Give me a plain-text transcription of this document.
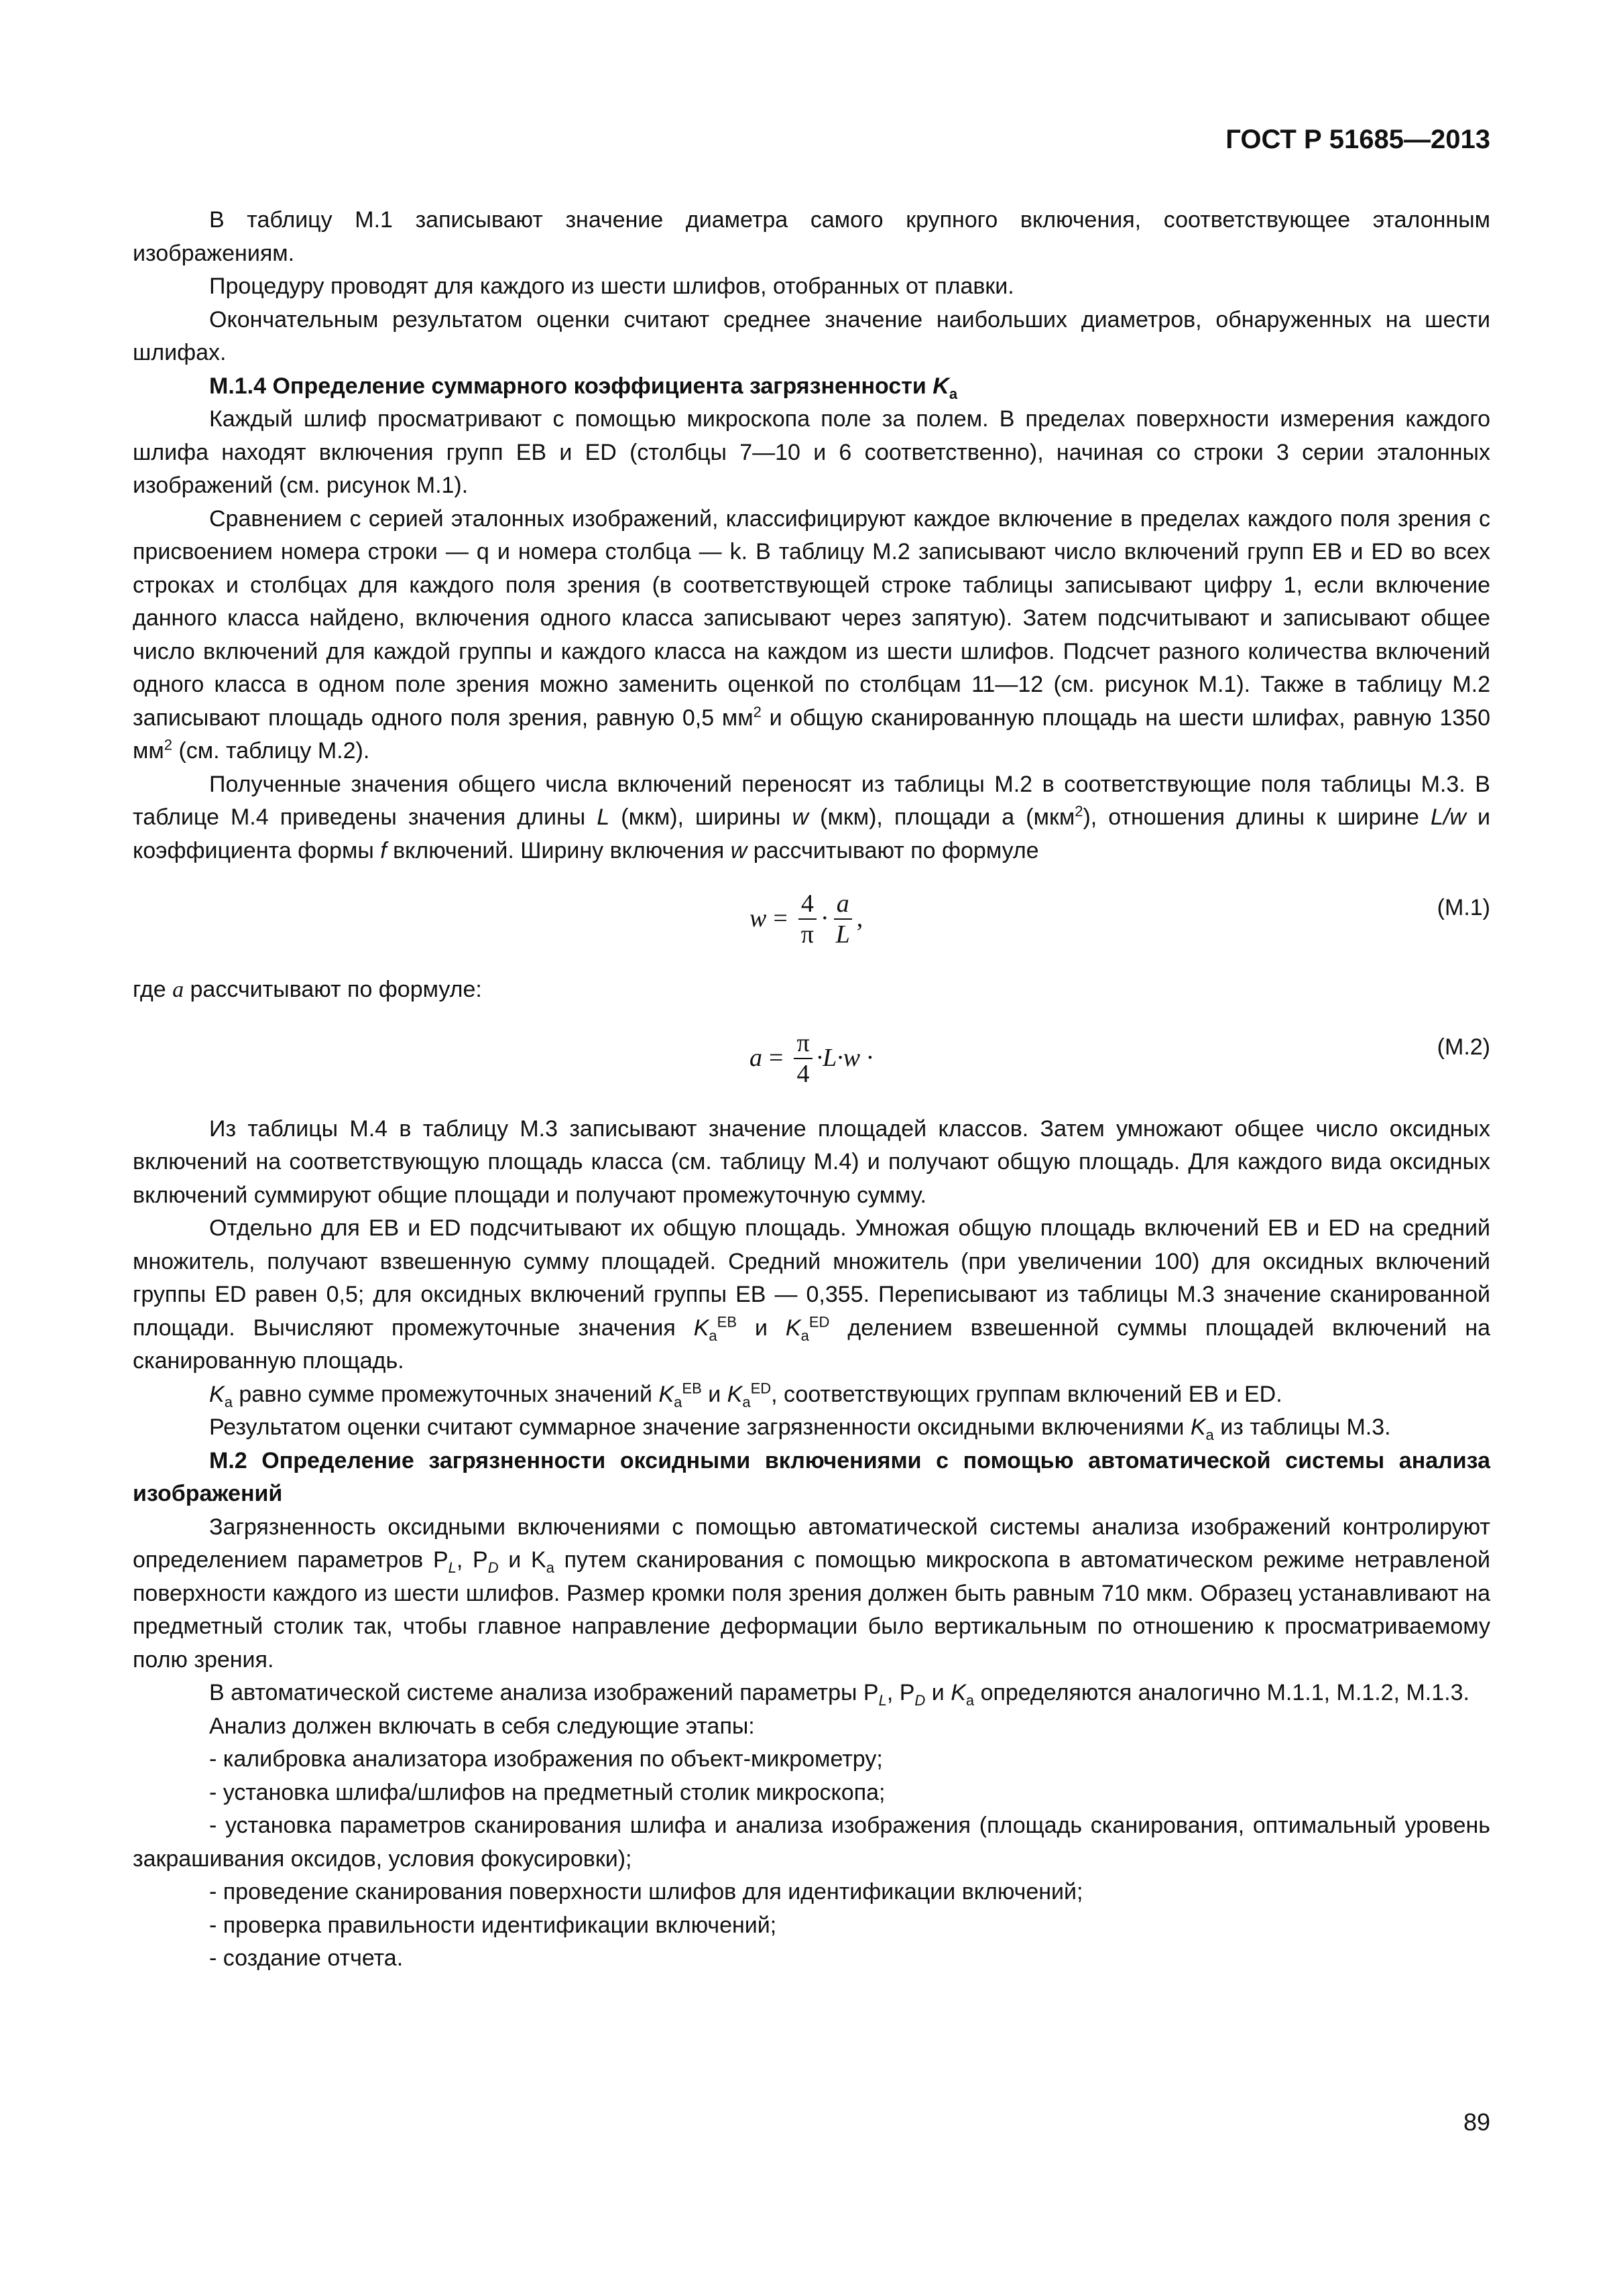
ГОСТ Р 51685—2013

В таблицу М.1 записывают значение диаметра самого крупного включения, соответствующее эталонным изображениям.

Процедуру проводят для каждого из шести шлифов, отобранных от плавки.

Окончательным результатом оценки считают среднее значение наибольших диаметров, обнаруженных на шести шлифах.

М.1.4 Определение суммарного коэффициента загрязненности $K_a$

Каждый шлиф просматривают с помощью микроскопа поле за полем. В пределах поверхности измерения каждого шлифа находят включения групп EB и ED (столбцы 7—10 и 6 соответственно), начиная со строки 3 серии эталонных изображений (см. рисунок М.1).

Сравнением с серией эталонных изображений, классифицируют каждое включение в пределах каждого поля зрения с присвоением номера строки — q и номера столбца — k. В таблицу М.2 записывают число включений групп EB и ED во всех строках и столбцах для каждого поля зрения (в соответствующей строке таблицы записывают цифру 1, если включение данного класса найдено, включения одного класса записывают через запятую). Затем подсчитывают и записывают общее число включений для каждой группы и каждого класса на каждом из шести шлифов. Подсчет разного количества включений одного класса в одном поле зрения можно заменить оценкой по столбцам 11—12 (см. рисунок М.1). Также в таблицу М.2 записывают площадь одного поля зрения, равную 0,5 $мм^2$ и общую сканированную площадь на шести шлифах, равную 1350 $мм^2$ (см. таблицу М.2).

Полученные значения общего числа включений переносят из таблицы М.2 в соответствующие поля таблицы М.3. В таблице М.4 приведены значения длины L (мкм), ширины w (мкм), площади a (мкм$^2$), отношения длины к ширине L/w и коэффициента формы f включений. Ширину включения w рассчитывают по формуле

$w = \frac{4}{\pi} \cdot \frac{a}{L}$ ,	(М.1)

где a рассчитывают по формуле:

$a = \frac{\pi}{4} \cdot L\cdot w$ ·	(М.2)

Из таблицы М.4 в таблицу М.3 записывают значение площадей классов. Затем умножают общее число оксидных включений на соответствующую площадь класса (см. таблицу М.4) и получают общую площадь. Для каждого вида оксидных включений суммируют общие площади и получают промежуточную сумму.

Отдельно для EB и ED подсчитывают их общую площадь. Умножая общую площадь включений EB и ED на средний множитель, получают взвешенную сумму площадей. Средний множитель (при увеличении 100) для оксидных включений группы ED равен 0,5; для оксидных включений группы EB — 0,355. Переписывают из таблицы М.3 значение сканированной площади. Вычисляют промежуточные значения $K_a^{EB}$ и $K_a^{ED}$ делением взвешенной суммы площадей включений на сканированную площадь.

$K_a$ равно сумме промежуточных значений $K_a^{EB}$ и $K_a^{ED}$, соответствующих группам включений EB и ED.

Результатом оценки считают суммарное значение загрязненности оксидными включениями $K_a$ из таблицы М.3.

М.2 Определение загрязненности оксидными включениями с помощью автоматической системы анализа изображений

Загрязненность оксидными включениями с помощью автоматической системы анализа изображений контролируют определением параметров $P_L$, $P_D$ и $K_a$ путем сканирования с помощью микроскопа в автоматическом режиме нетравленой поверхности каждого из шести шлифов. Размер кромки поля зрения должен быть равным 710 мкм. Образец устанавливают на предметный столик так, чтобы главное направление деформации было вертикальным по отношению к просматриваемому полю зрения.

В автоматической системе анализа изображений параметры $P_L$, $P_D$ и $K_a$ определяются аналогично М.1.1, М.1.2, М.1.3.

Анализ должен включать в себя следующие этапы:

- калибровка анализатора изображения по объект-микрометру;

- установка шлифа/шлифов на предметный столик микроскопа;

- установка параметров сканирования шлифа и анализа изображения (площадь сканирования, оптимальный уровень закрашивания оксидов, условия фокусировки);

- проведение сканирования поверхности шлифов для идентификации включений;

- проверка правильности идентификации включений;

- создание отчета.

89
